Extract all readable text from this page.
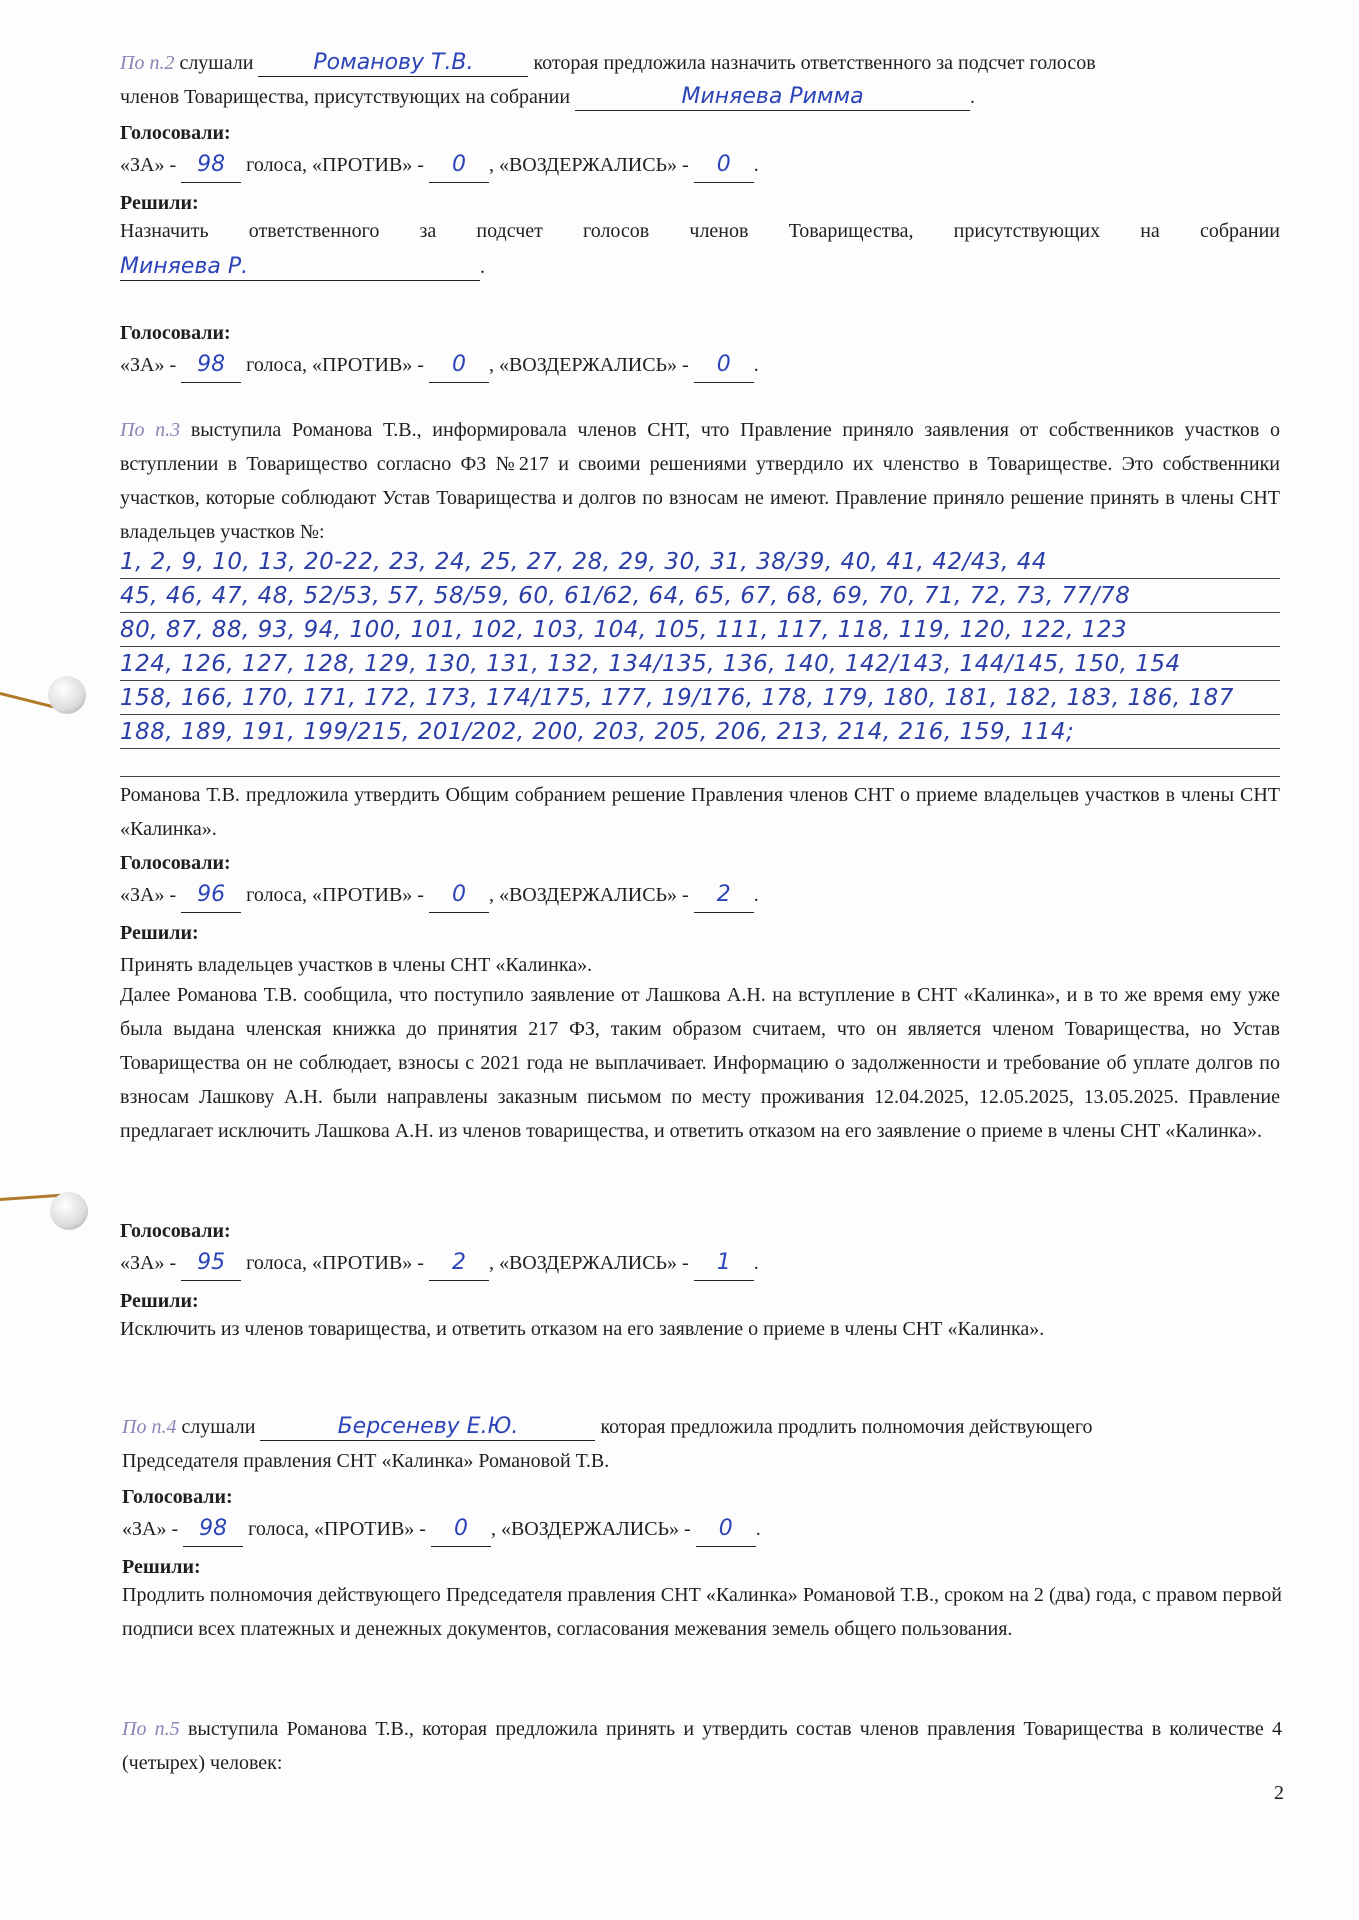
По п.2 слушали	Романову Т.В.	которая предложила назначить ответственного за подсчет голосов
членов Товарищества, присутствующих на собрании	Миняева Римма	.
Голосовали:
«ЗА» - 98 голоса, «ПРОТИВ» - 0 , «ВОЗДЕРЖАЛИСЬ» - 0 .
Решили:
Назначить ответственного за подсчет голосов членов Товарищества, присутствующих на собрании
Миняева Р.	.
Голосовали:
«ЗА» - 98 голоса, «ПРОТИВ» - 0 , «ВОЗДЕРЖАЛИСЬ» - 0 .
По п.3 выступила Романова Т.В., информировала членов СНТ, что Правление приняло заявления от собственников участков о вступлении в Товарищество согласно ФЗ №217 и своими решениями утвердило их членство в Товариществе. Это собственники участков, которые соблюдают Устав Товарищества и долгов по взносам не имеют. Правление приняло решение принять в члены СНТ владельцев участков №:
1, 2, 9, 10, 13, 20-22, 23, 24, 25, 27, 28, 29, 30, 31, 38/39, 40, 41, 42/43, 44
45, 46, 47, 48, 52/53, 57, 58/59, 60, 61/62, 64, 65, 67, 68, 69, 70, 71, 72, 73, 77/78
80, 87, 88, 93, 94, 100, 101, 102, 103, 104, 105, 111, 117, 118, 119, 120, 122, 123
124, 126, 127, 128, 129, 130, 131, 132, 134/135, 136, 140, 142/143, 144/145, 150, 154
158, 166, 170, 171, 172, 173, 174/175, 177, 19/176, 178, 179, 180, 181, 182, 183, 186, 187
188, 189, 191, 199/215, 201/202, 200, 203, 205, 206, 213, 214, 216, 159, 114;
Романова Т.В. предложила утвердить Общим собранием решение Правления членов СНТ о приеме владельцев участков в члены СНТ «Калинка».
Голосовали:
«ЗА» - 96 голоса, «ПРОТИВ» - 0 , «ВОЗДЕРЖАЛИСЬ» - 2 .
Решили:
Принять владельцев участков в члены СНТ «Калинка».
Далее Романова Т.В. сообщила, что поступило заявление от Лашкова А.Н. на вступление в СНТ «Калинка», и в то же время ему уже была выдана членская книжка до принятия 217 ФЗ, таким образом считаем, что он является членом Товарищества, но Устав Товарищества он не соблюдает, взносы с 2021 года не выплачивает. Информацию о задолженности и требование об уплате долгов по взносам Лашкову А.Н. были направлены заказным письмом по месту проживания 12.04.2025, 12.05.2025, 13.05.2025. Правление предлагает исключить Лашкова А.Н. из членов товарищества, и ответить отказом на его заявление о приеме в члены СНТ «Калинка».
Голосовали:
«ЗА» - 95 голоса, «ПРОТИВ» - 2 , «ВОЗДЕРЖАЛИСЬ» - 1 .
Решили:
Исключить из членов товарищества, и ответить отказом на его заявление о приеме в члены СНТ «Калинка».
По п.4 слушали	Берсеневу Е.Ю.	которая предложила продлить полномочия действующего
Председателя правления СНТ «Калинка» Романовой Т.В.
Голосовали:
«ЗА» - 98 голоса, «ПРОТИВ» - 0 , «ВОЗДЕРЖАЛИСЬ» - 0 .
Решили:
Продлить полномочия действующего Председателя правления СНТ «Калинка» Романовой Т.В., сроком на 2 (два) года, с правом первой подписи всех платежных и денежных документов, согласования межевания земель общего пользования.
По п.5 выступила Романова Т.В., которая предложила принять и утвердить состав членов правления Товарищества в количестве 4 (четырех) человек:
2
